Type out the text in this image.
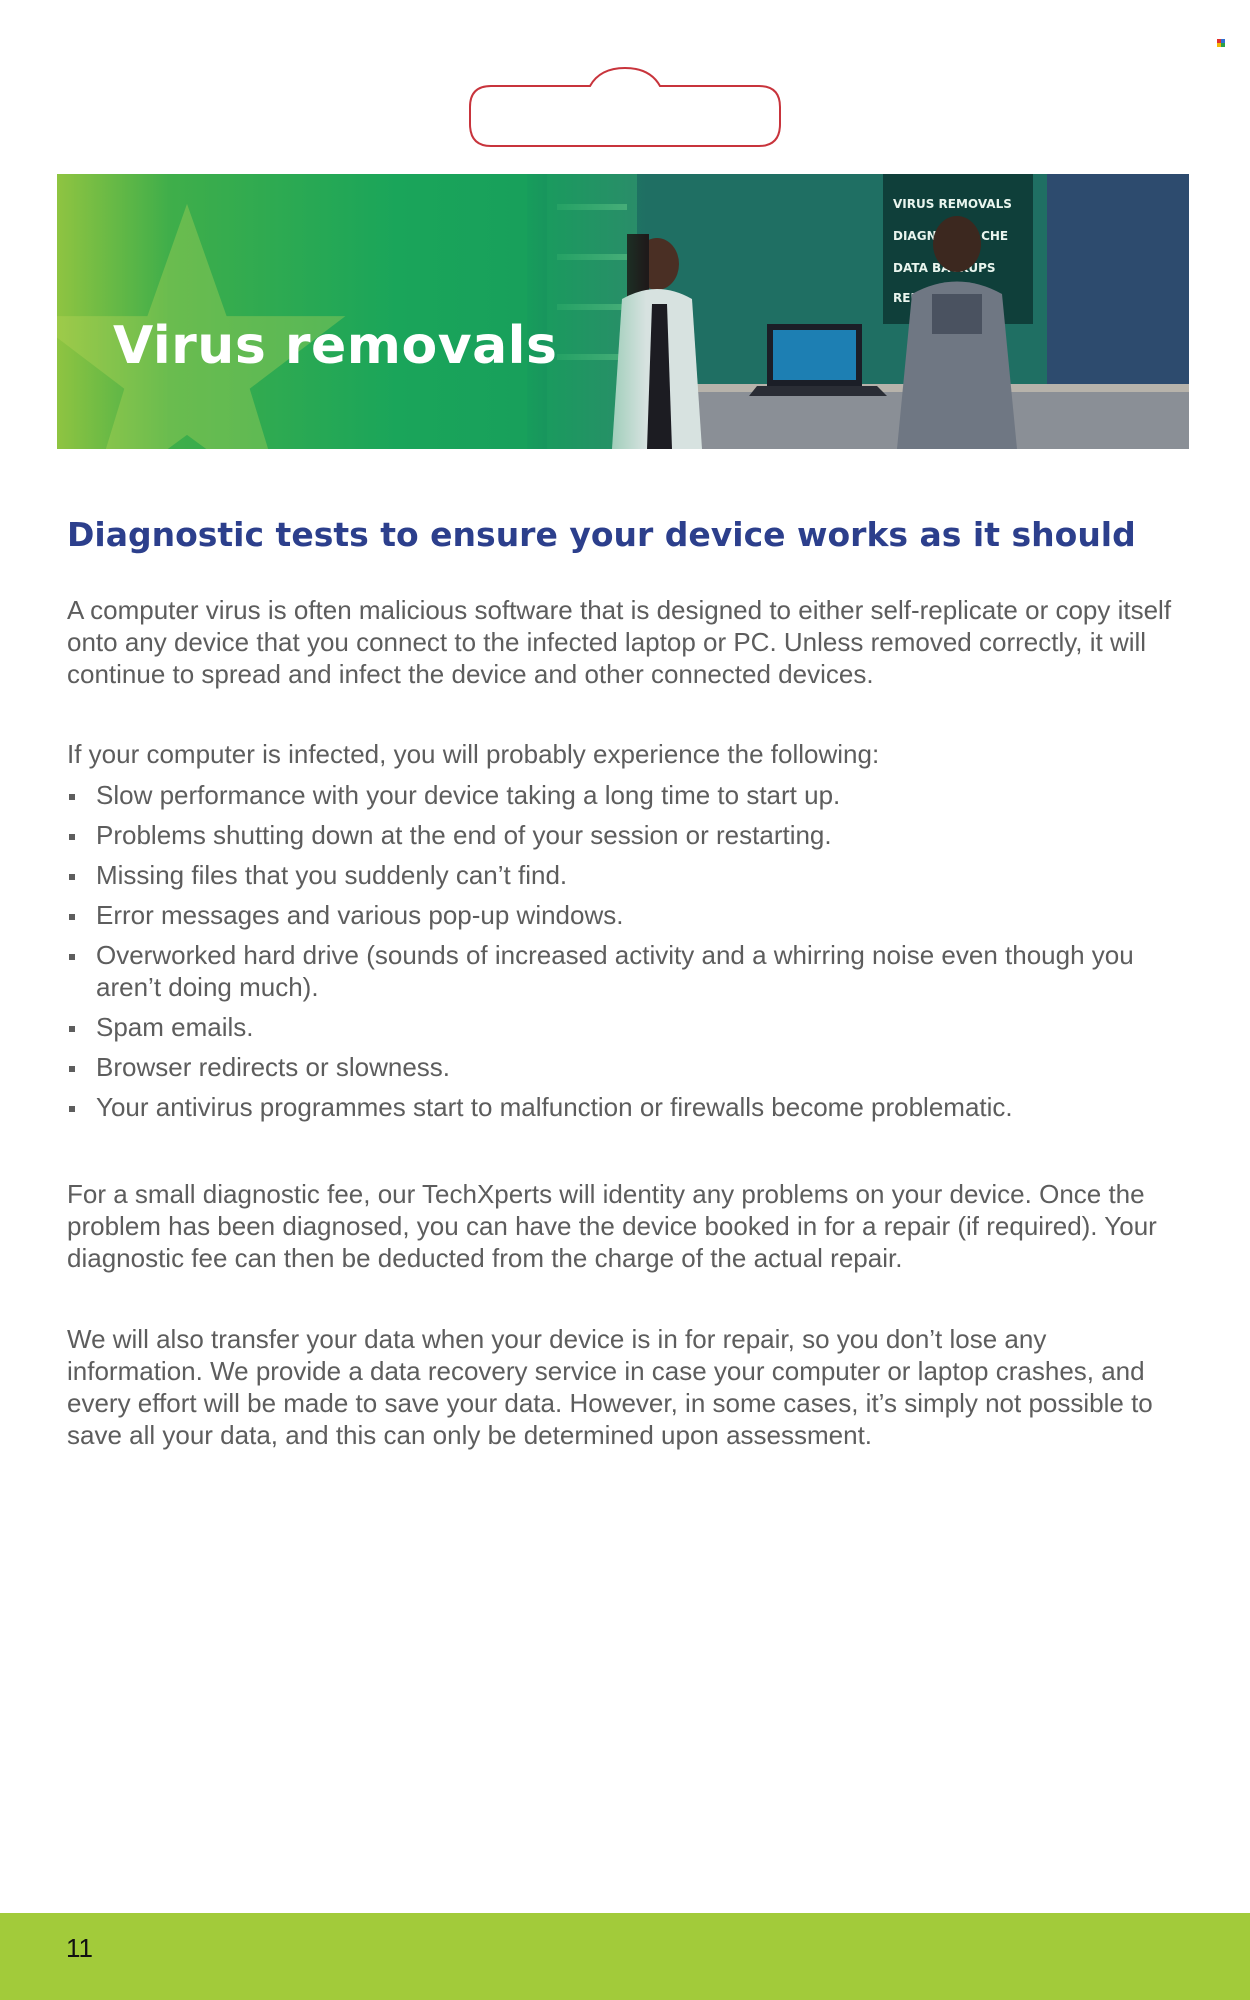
Virus removals
Diagnostic tests to ensure your device works as it should

A computer virus is often malicious software that is designed to either self-replicate or copy itself onto any device that you connect to the infected laptop or PC. Unless removed correctly, it will continue to spread and infect the device and other connected devices.

If your computer is infected, you will probably experience the following:

Slow performance with your device taking a long time to start up.
Problems shutting down at the end of your session or restarting.
Missing files that you suddenly can’t find.
Error messages and various pop-up windows.
Overworked hard drive (sounds of increased activity and a whirring noise even though you aren’t doing much).
Spam emails.
Browser redirects or slowness.
Your antivirus programmes start to malfunction or firewalls become problematic.

For a small diagnostic fee, our TechXperts will identity any problems on your device. Once the problem has been diagnosed, you can have the device booked in for a repair (if required). Your diagnostic fee can then be deducted from the charge of the actual repair.

We will also transfer your data when your device is in for repair, so you don’t lose any information. We provide a data recovery service in case your computer or laptop crashes, and every effort will be made to save your data. However, in some cases, it’s simply not possible to save all your data, and this can only be determined upon assessment.

11
